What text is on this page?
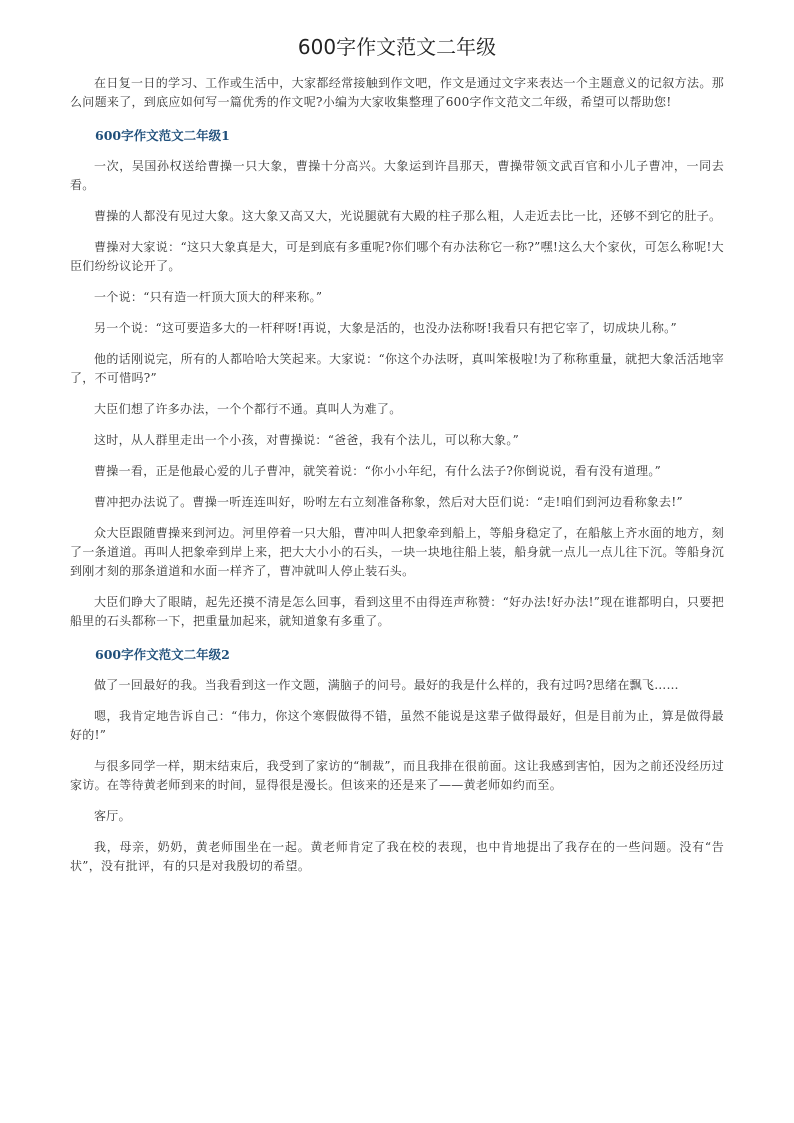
600字作文范文二年级

在日复一日的学习、工作或生活中，大家都经常接触到作文吧，作文是通过文字来表达一个主题意义的记叙方法。那么问题来了，到底应如何写一篇优秀的作文呢?小编为大家收集整理了600字作文范文二年级，希望可以帮助您!

600字作文范文二年级1

一次，吴国孙权送给曹操一只大象，曹操十分高兴。大象运到许昌那天，曹操带领文武百官和小儿子曹冲，一同去看。

曹操的人都没有见过大象。这大象又高又大，光说腿就有大殿的柱子那么粗，人走近去比一比，还够不到它的肚子。

曹操对大家说：“这只大象真是大，可是到底有多重呢?你们哪个有办法称它一称?”嘿!这么大个家伙，可怎么称呢!大臣们纷纷议论开了。

一个说：“只有造一杆顶大顶大的秤来称。”

另一个说：“这可要造多大的一杆秤呀!再说，大象是活的，也没办法称呀!我看只有把它宰了，切成块儿称。”

他的话刚说完，所有的人都哈哈大笑起来。大家说：“你这个办法呀，真叫笨极啦!为了称称重量，就把大象活活地宰了，不可惜吗?”

大臣们想了许多办法，一个个都行不通。真叫人为难了。

这时，从人群里走出一个小孩，对曹操说：“爸爸，我有个法儿，可以称大象。”

曹操一看，正是他最心爱的儿子曹冲，就笑着说：“你小小年纪，有什么法子?你倒说说，看有没有道理。”

曹冲把办法说了。曹操一听连连叫好，吩咐左右立刻准备称象，然后对大臣们说：“走!咱们到河边看称象去!”

众大臣跟随曹操来到河边。河里停着一只大船，曹冲叫人把象牵到船上，等船身稳定了，在船舷上齐水面的地方，刻了一条道道。再叫人把象牵到岸上来，把大大小小的石头，一块一块地往船上装，船身就一点儿一点儿往下沉。等船身沉到刚才刻的那条道道和水面一样齐了，曹冲就叫人停止装石头。

大臣们睁大了眼睛，起先还摸不清是怎么回事，看到这里不由得连声称赞：“好办法!好办法!”现在谁都明白，只要把船里的石头都称一下，把重量加起来，就知道象有多重了。

600字作文范文二年级2

做了一回最好的我。当我看到这一作文题，满脑子的问号。最好的我是什么样的，我有过吗?思绪在飘飞……

嗯，我肯定地告诉自己：“伟力，你这个寒假做得不错，虽然不能说是这辈子做得最好，但是目前为止，算是做得最好的!”

与很多同学一样，期末结束后，我受到了家访的“制裁”，而且我排在很前面。这让我感到害怕，因为之前还没经历过家访。在等待黄老师到来的时间，显得很是漫长。但该来的还是来了——黄老师如约而至。

客厅。

我，母亲，奶奶，黄老师围坐在一起。黄老师肯定了我在校的表现，也中肯地提出了我存在的一些问题。没有“告状”，没有批评，有的只是对我殷切的希望。
